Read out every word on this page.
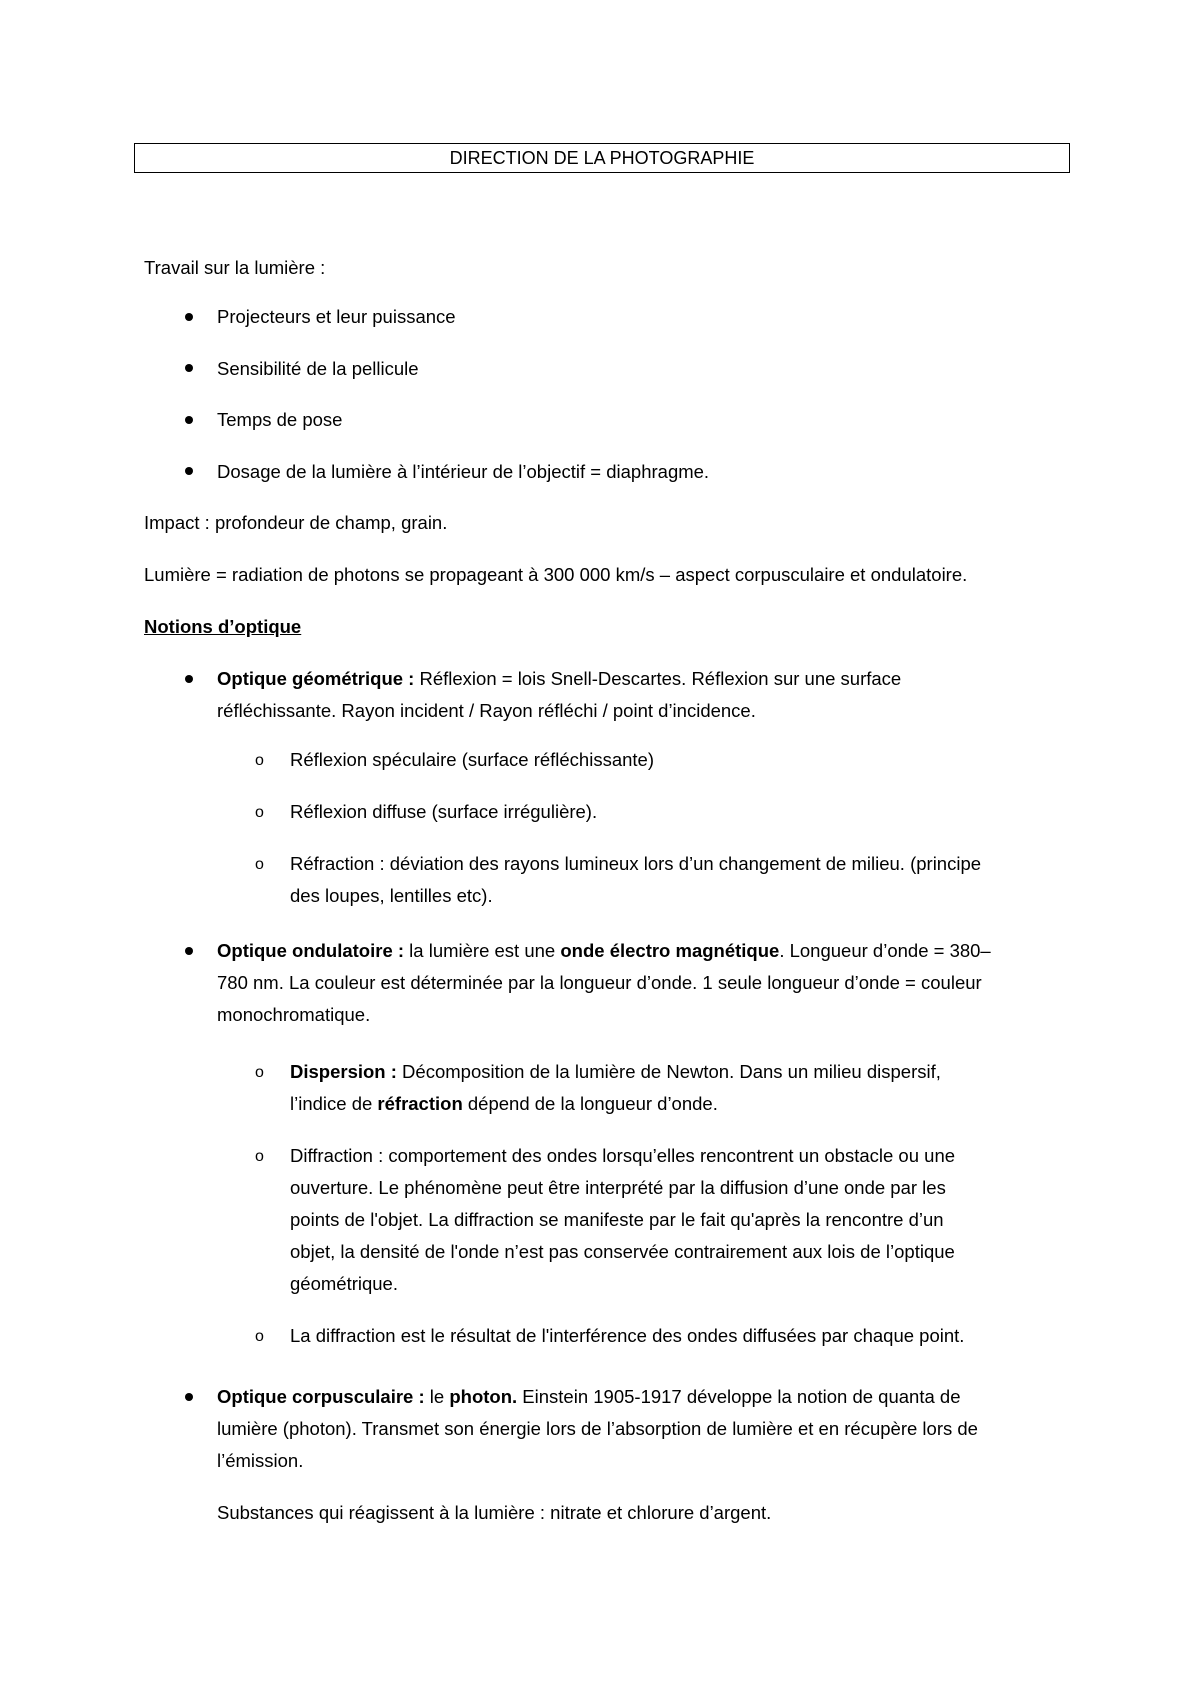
DIRECTION DE LA PHOTOGRAPHIE
Travail sur la lumière :
Projecteurs et leur puissance
Sensibilité de la pellicule
Temps de pose
Dosage de la lumière à l’intérieur de l’objectif = diaphragme.
Impact : profondeur de champ, grain.
Lumière = radiation de photons se propageant à 300 000 km/s – aspect corpusculaire et ondulatoire.
Notions d’optique
Optique géométrique : Réflexion = lois Snell-Descartes. Réflexion sur une surface
réfléchissante. Rayon incident / Rayon réfléchi / point d’incidence.
o Réflexion spéculaire (surface réfléchissante)
o Réflexion diffuse (surface irrégulière).
o Réfraction : déviation des rayons lumineux lors d’un changement de milieu. (principe
des loupes, lentilles etc).
Optique ondulatoire : la lumière est une onde électro magnétique. Longueur d’onde = 380–
780 nm. La couleur est déterminée par la longueur d’onde. 1 seule longueur d’onde = couleur
monochromatique.
o Dispersion : Décomposition de la lumière de Newton. Dans un milieu dispersif,
l’indice de réfraction dépend de la longueur d’onde.
o Diffraction : comportement des ondes lorsqu’elles rencontrent un obstacle ou une
ouverture. Le phénomène peut être interprété par la diffusion d’une onde par les
points de l'objet. La diffraction se manifeste par le fait qu'après la rencontre d’un
objet, la densité de l'onde n’est pas conservée contrairement aux lois de l’optique
géométrique.
o La diffraction est le résultat de l'interférence des ondes diffusées par chaque point.
Optique corpusculaire : le photon. Einstein 1905-1917 développe la notion de quanta de
lumière (photon). Transmet son énergie lors de l’absorption de lumière et en récupère lors de
l’émission.
Substances qui réagissent à la lumière : nitrate et chlorure d’argent.
